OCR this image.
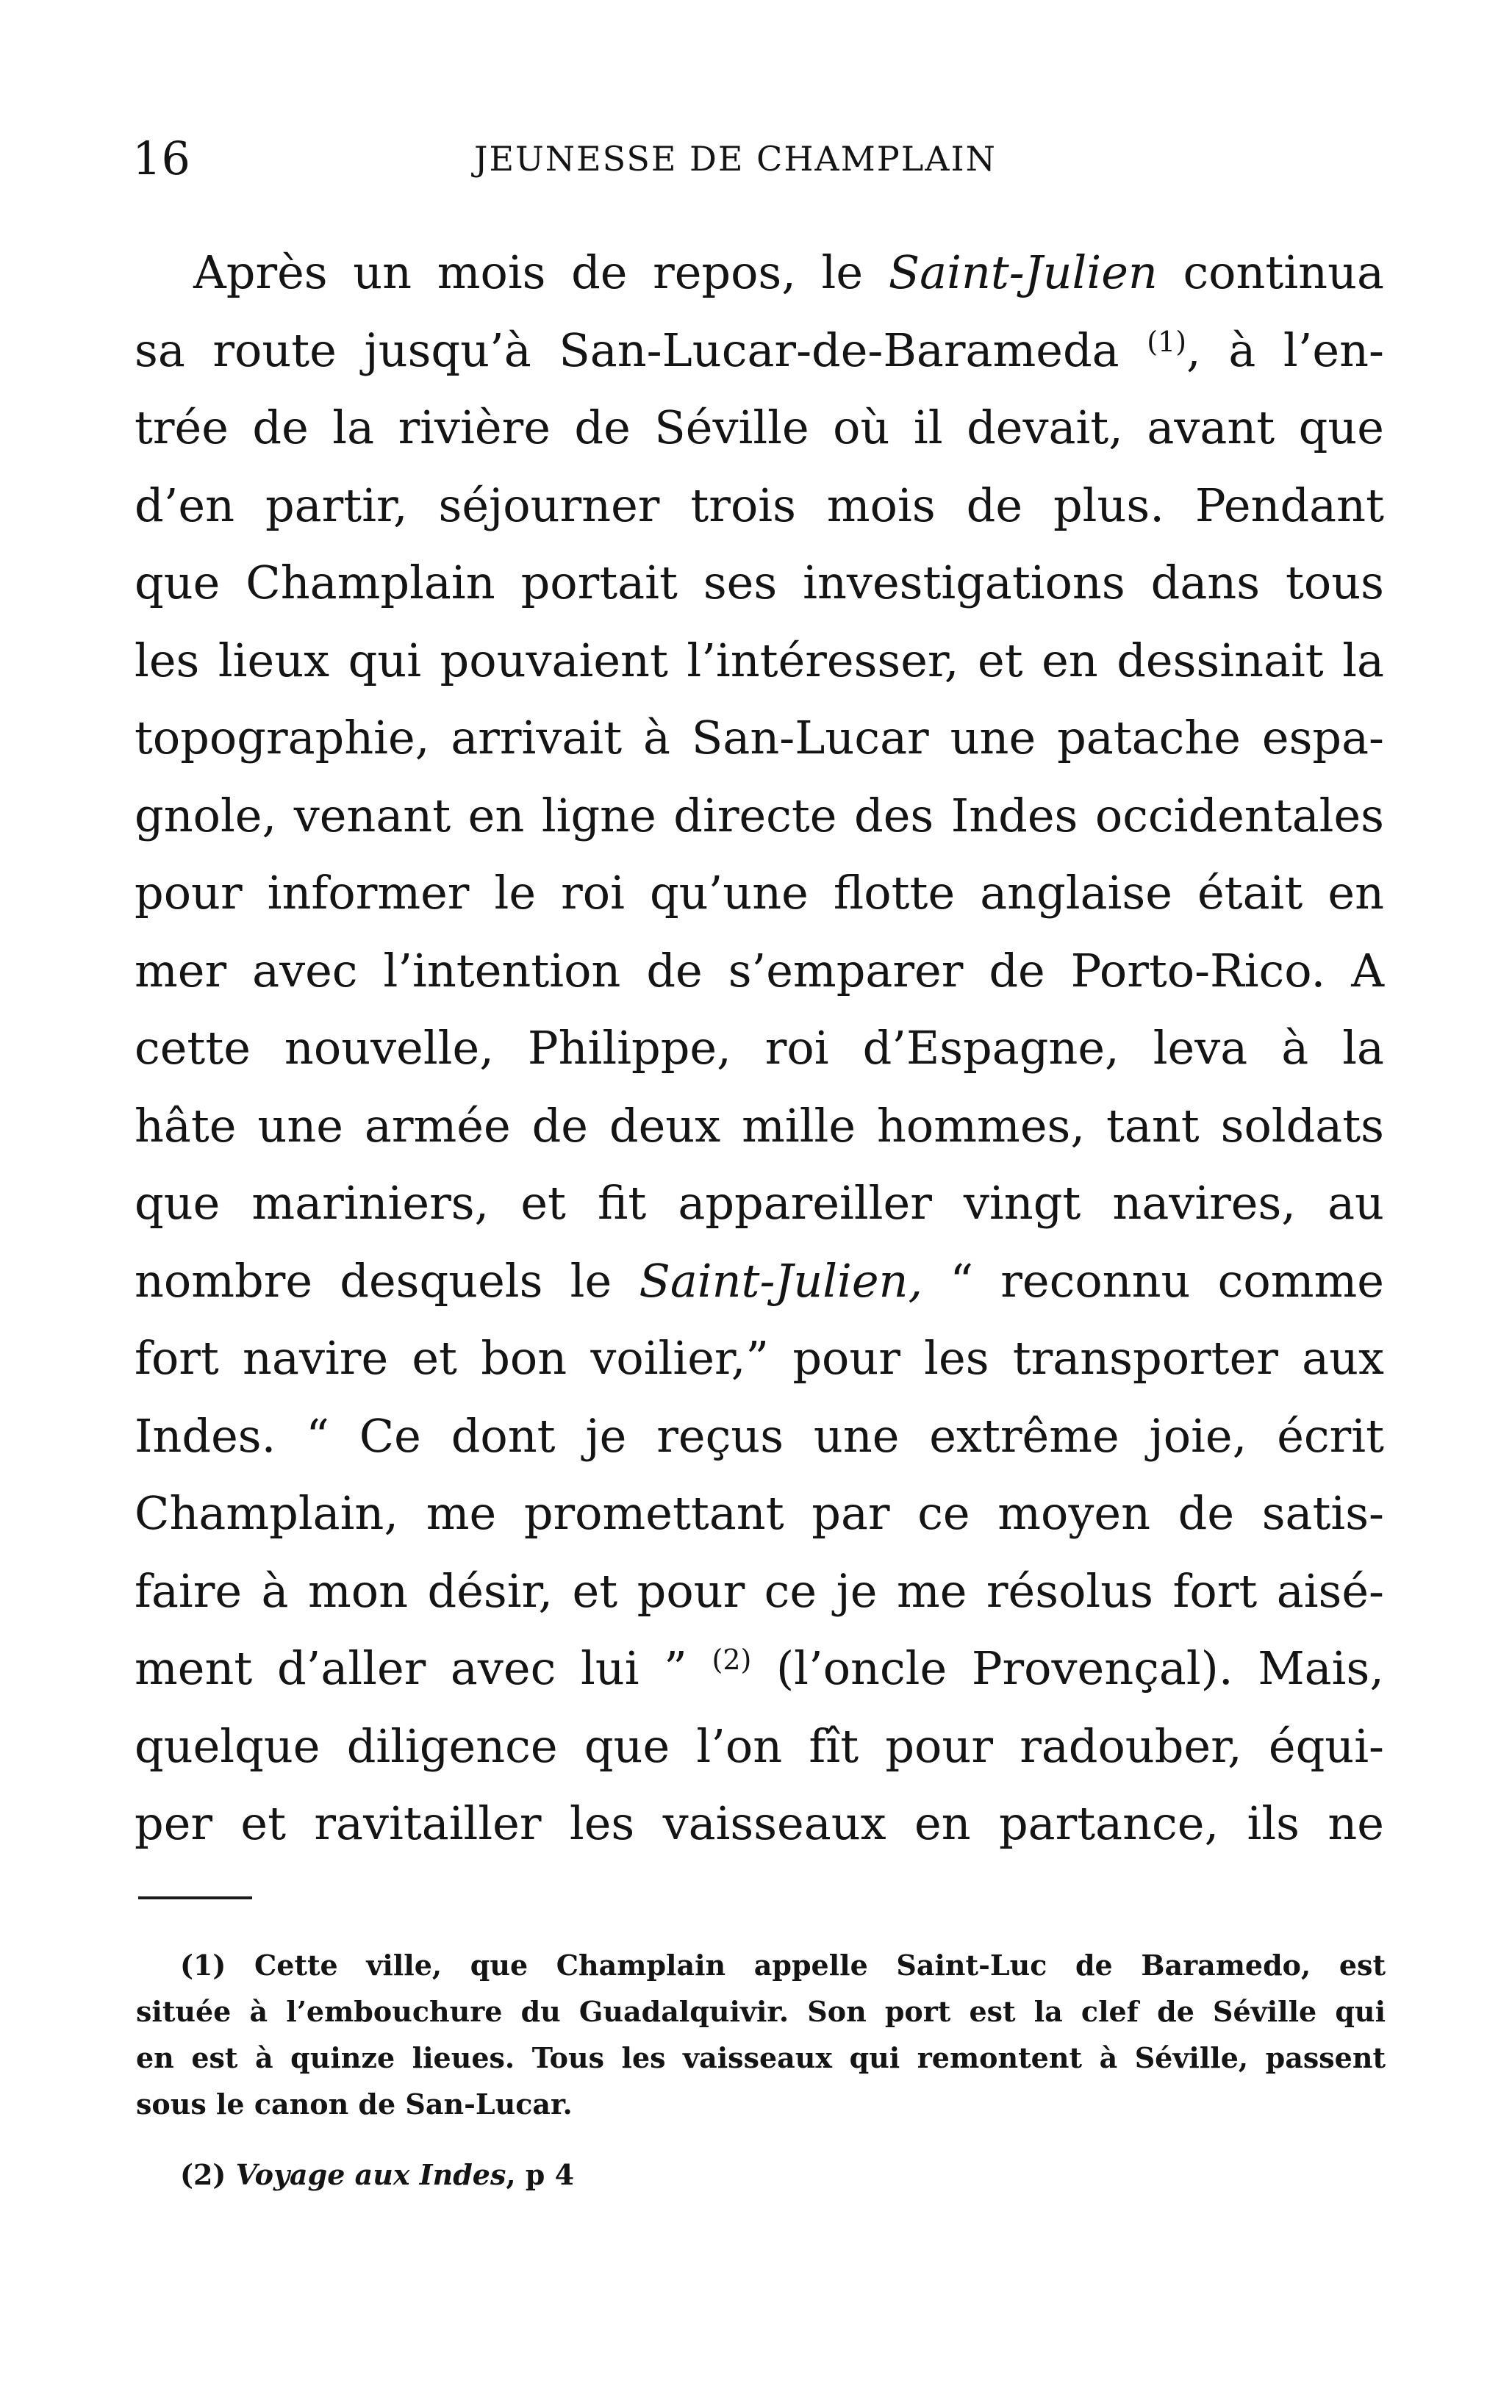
16	JEUNESSE DE CHAMPLAIN
Après un mois de repos, le Saint-Julien continua
sa route jusqu’à San-Lucar-de-Barameda $^{(1)}$, à l’en-
trée de la rivière de Séville où il devait, avant que
d’en partir, séjourner trois mois de plus. Pendant
que Champlain portait ses investigations dans tous
les lieux qui pouvaient l’intéresser, et en dessinait la
topographie, arrivait à San-Lucar une patache espa-
gnole, venant en ligne directe des Indes occidentales
pour informer le roi qu’une flotte anglaise était en
mer avec l’intention de s’emparer de Porto-Rico. A
cette nouvelle, Philippe, roi d’Espagne, leva à la
hâte une armée de deux mille hommes, tant soldats
que mariniers, et fit appareiller vingt navires, au
nombre desquels le Saint-Julien, “ reconnu comme
fort navire et bon voilier,” pour les transporter aux
Indes. “ Ce dont je reçus une extrême joie, écrit
Champlain, me promettant par ce moyen de satis-
faire à mon désir, et pour ce je me résolus fort aisé-
ment d’aller avec lui ” $^{(2)}$ (l’oncle Provençal). Mais,
quelque diligence que l’on fît pour radouber, équi-
per et ravitailler les vaisseaux en partance, ils ne
(1) Cette ville, que Champlain appelle Saint-Luc de Baramedo, est
située à l’embouchure du Guadalquivir. Son port est la clef de Séville qui
en est à quinze lieues. Tous les vaisseaux qui remontent à Séville, passent
sous le canon de San-Lucar.
(2) Voyage aux Indes, p 4
